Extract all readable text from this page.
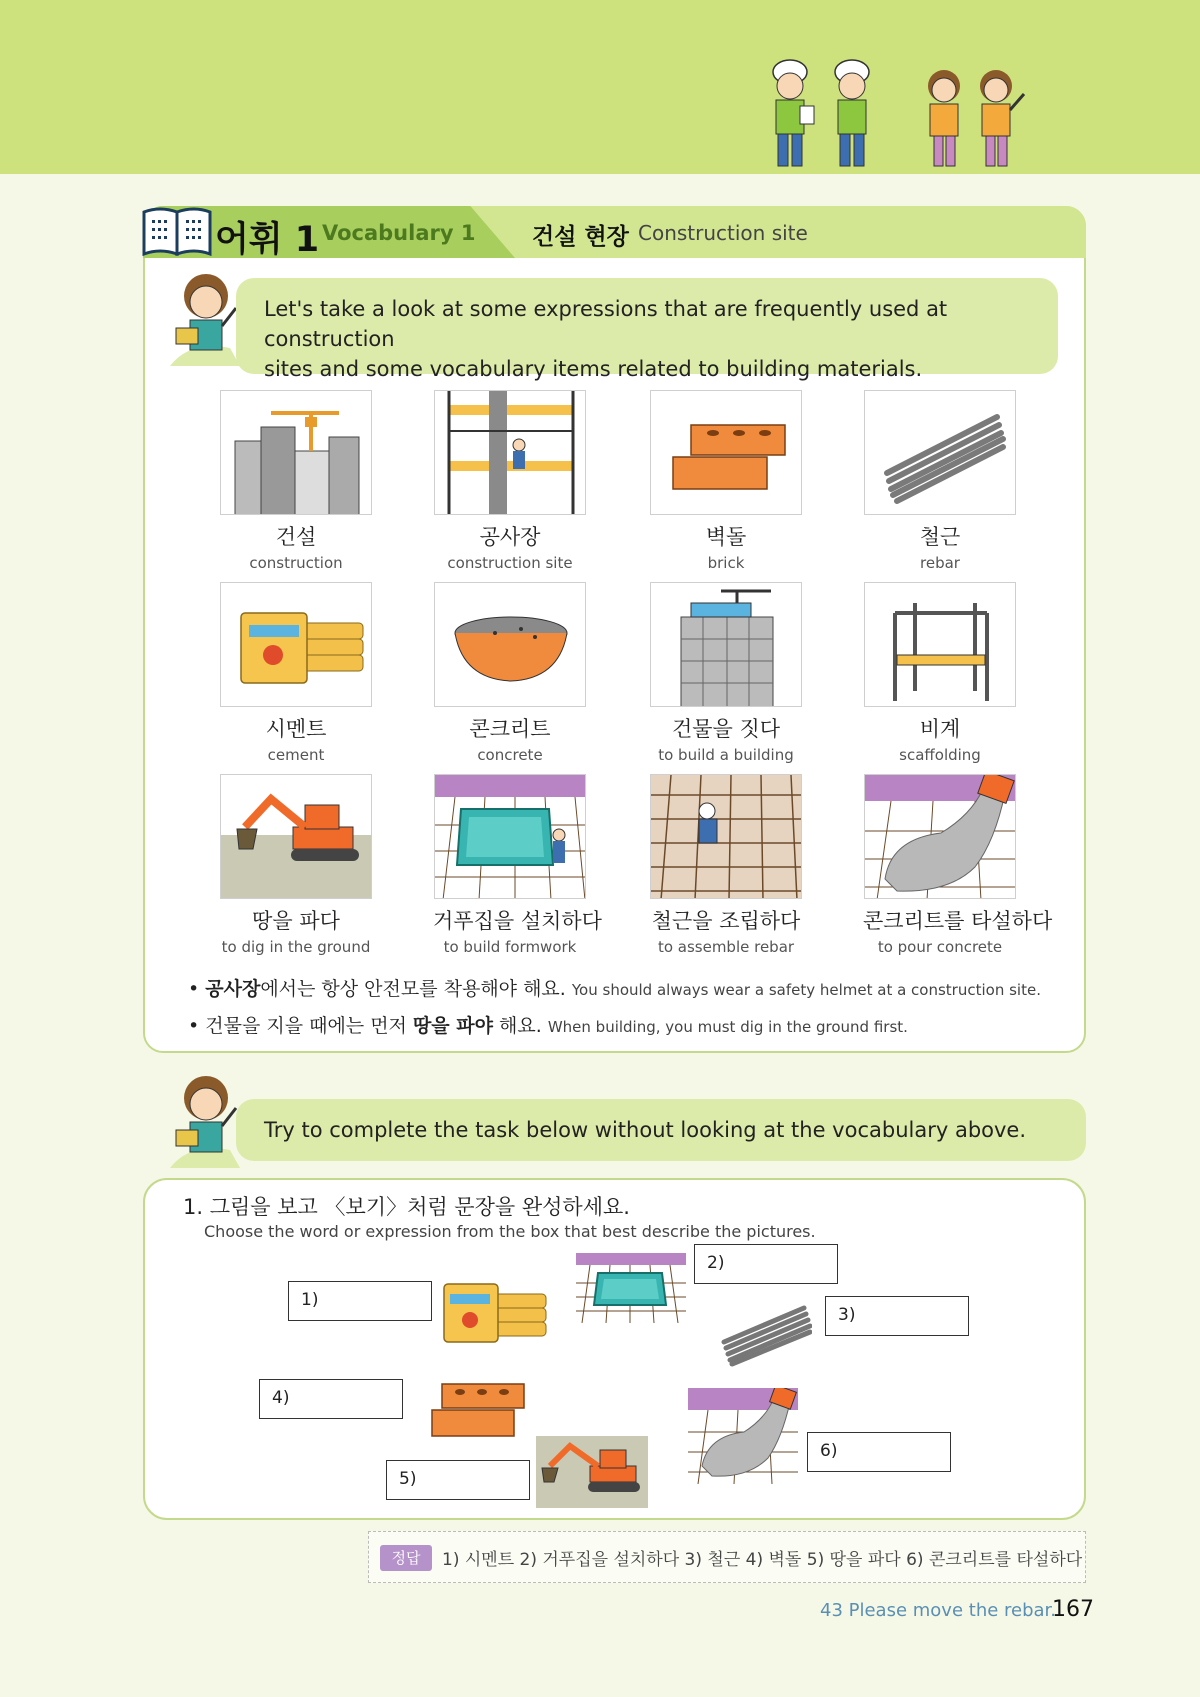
어휘 1 Vocabulary 1 건설 현장 Construction site
Let's take a look at some expressions that are frequently used at construction
sites and some vocabulary items related to building materials.
건설
construction
공사장
construction site
벽돌
brick
철근
rebar
시멘트
cement
콘크리트
concrete
건물을 짓다
to build a building
비계
scaffolding
땅을 파다
to dig in the ground
거푸집을 설치하다
to build formwork
철근을 조립하다
to assemble rebar
콘크리트를 타설하다
to pour concrete
• 공사장에서는 항상 안전모를 착용해야 해요. You should always wear a safety helmet at a construction site.
• 건물을 지을 때에는 먼저 땅을 파야 해요. When building, you must dig in the ground first.
Try to complete the task below without looking at the vocabulary above.
1. 그림을 보고 〈보기〉처럼 문장을 완성하세요.
Choose the word or expression from the box that best describe the pictures.
1)
2)
3)
4)
5)
6)
정답	1) 시멘트 2) 거푸집을 설치하다 3) 철근 4) 벽돌 5) 땅을 파다 6) 콘크리트를 타설하다
43 Please move the rebar.
167
